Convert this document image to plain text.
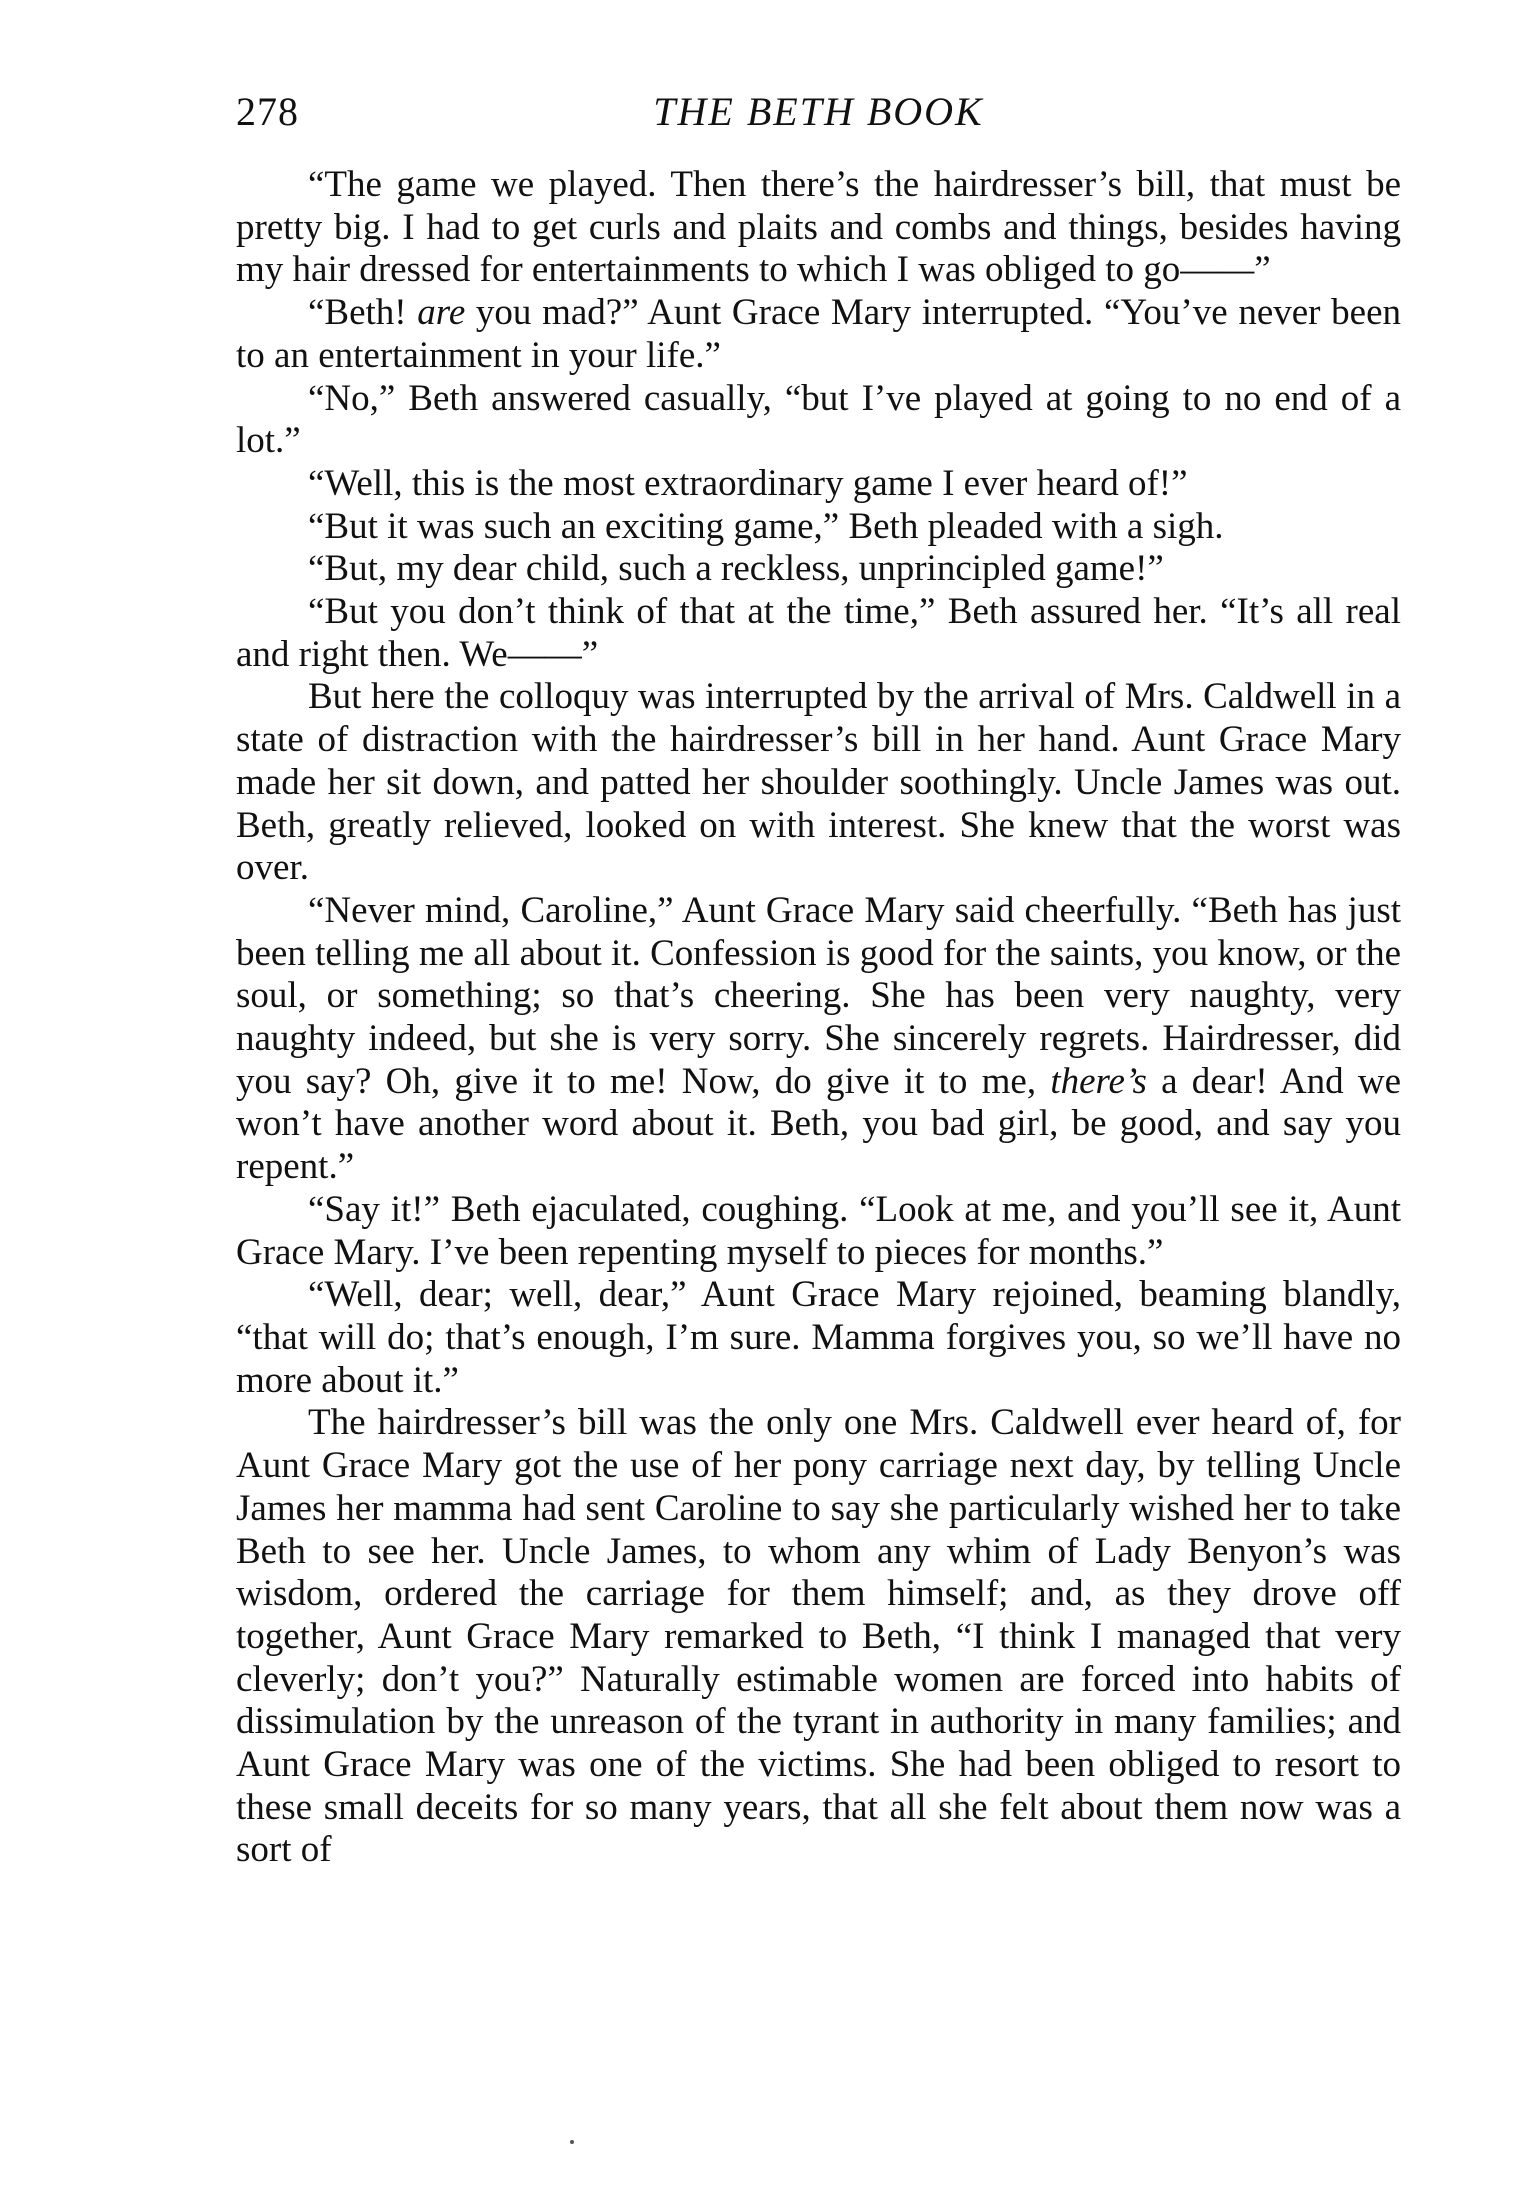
278	THE BETH BOOK

“The game we played. Then there’s the hairdresser’s bill, that must be pretty big. I had to get curls and plaits and combs and things, besides having my hair dressed for entertainments to which I was obliged to go——”

“Beth! are you mad?” Aunt Grace Mary interrupted. “You’ve never been to an entertainment in your life.”

“No,” Beth answered casually, “but I’ve played at going to no end of a lot.”

“Well, this is the most extraordinary game I ever heard of!”

“But it was such an exciting game,” Beth pleaded with a sigh.

“But, my dear child, such a reckless, unprincipled game!”

“But you don’t think of that at the time,” Beth assured her. “It’s all real and right then. We——”

But here the colloquy was interrupted by the arrival of Mrs. Caldwell in a state of distraction with the hairdresser’s bill in her hand. Aunt Grace Mary made her sit down, and patted her shoulder soothingly. Uncle James was out. Beth, greatly relieved, looked on with interest. She knew that the worst was over.

“Never mind, Caroline,” Aunt Grace Mary said cheerfully. “Beth has just been telling me all about it. Confession is good for the saints, you know, or the soul, or something; so that’s cheering. She has been very naughty, very naughty indeed, but she is very sorry. She sincerely regrets. Hairdresser, did you say? Oh, give it to me! Now, do give it to me, there’s a dear! And we won’t have another word about it. Beth, you bad girl, be good, and say you repent.”

“Say it!” Beth ejaculated, coughing. “Look at me, and you’ll see it, Aunt Grace Mary. I’ve been repenting myself to pieces for months.”

“Well, dear; well, dear,” Aunt Grace Mary rejoined, beaming blandly, “that will do; that’s enough, I’m sure. Mamma forgives you, so we’ll have no more about it.”

The hairdresser’s bill was the only one Mrs. Caldwell ever heard of, for Aunt Grace Mary got the use of her pony carriage next day, by telling Uncle James her mamma had sent Caroline to say she particularly wished her to take Beth to see her. Uncle James, to whom any whim of Lady Benyon’s was wisdom, ordered the carriage for them himself; and, as they drove off together, Aunt Grace Mary remarked to Beth, “I think I managed that very cleverly; don’t you?” Naturally estimable women are forced into habits of dissimulation by the unreason of the tyrant in authority in many families; and Aunt Grace Mary was one of the victims. She had been obliged to resort to these small deceits for so many years, that all she felt about them now was a sort of
